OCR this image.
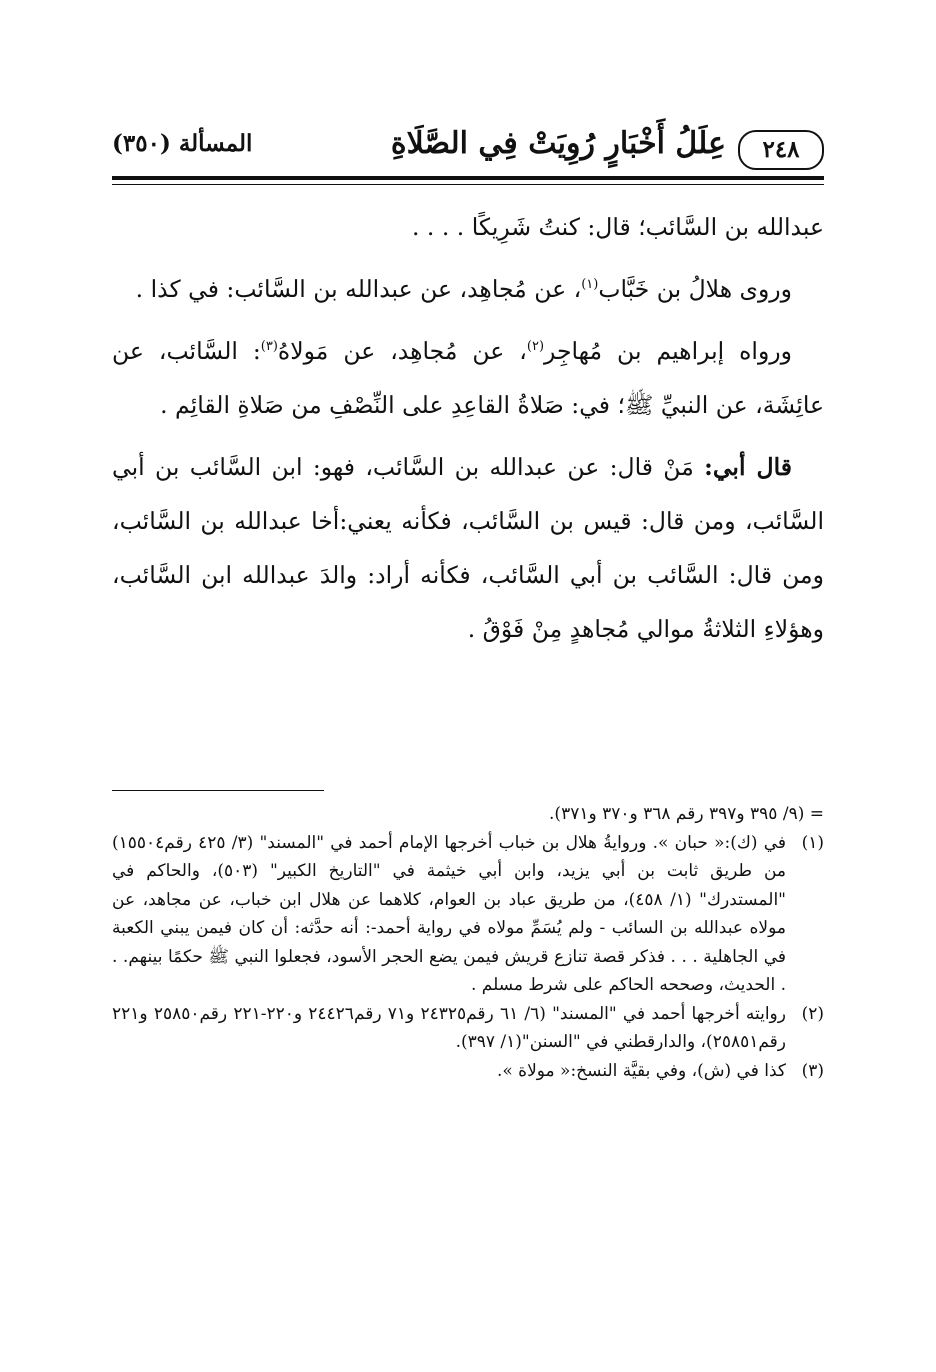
٢٤٨
عِلَلُ أَخْبَارٍ رُوِيَتْ فِي الصَّلَاةِ
المسألة (٣٥٠)

عبدالله بن السَّائب؛ قال: كنتُ شَرِيكًا . . . .

وروى هلالُ بن خَبَّاب$^{(١)}$، عن مُجاهِد، عن عبدالله بن السَّائب: في كذا .

ورواه إبراهيم بن مُهاجِر$^{(٢)}$، عن مُجاهِد، عن مَولاهُ$^{(٣)}$: السَّائب، عن عائِشَة، عن النبيِّ ﷺ؛ في: صَلاةُ القاعِدِ على النِّصْفِ من صَلاةِ القائِم .

قال أبي: مَنْ قال: عن عبدالله بن السَّائب، فهو: ابن السَّائب بن أبي السَّائب، ومن قال: قيس بن السَّائب، فكأنه يعني:أخا عبدالله بن السَّائب، ومن قال: السَّائب بن أبي السَّائب، فكأنه أراد: والدَ عبدالله ابن السَّائب، وهؤلاءِ الثلاثةُ موالي مُجاهدٍ مِنْ فَوْقُ .

= (٩/ ٣٩٥ و٣٩٧ رقم ٣٦٨ و٣٧٠ و٣٧١).

(١)
في (ك):« حبان ». وروايةُ هلال بن خباب أخرجها الإمام أحمد في "المسند" (٣/ ٤٢٥ رقم١٥٥٠٤) من طريق ثابت بن أبي يزيد، وابن أبي خيثمة في "التاريخ الكبير" (٥٠٣)، والحاكم في "المستدرك" (١/ ٤٥٨)، من طريق عباد بن العوام، كلاهما عن هلال ابن خباب، عن مجاهد، عن مولاه عبدالله بن السائب - ولم يُسَمِّ مولاه في رواية أحمد-: أنه حدَّثه: أن كان فيمن يبني الكعبة في الجاهلية . . . فذكر قصة تنازع قريش فيمن يضع الحجر الأسود، فجعلوا النبي ﷺ حكمًا بينهم. . . الحديث، وصححه الحاكم على شرط مسلم .

(٢)
روايته أخرجها أحمد في "المسند" (٦/ ٦١ رقم٢٤٣٢٥ و٧١ رقم٢٤٤٢٦ و٢٢٠-٢٢١ رقم٢٥٨٥٠ و٢٢١ رقم٢٥٨٥١)، والدارقطني في "السنن"(١/ ٣٩٧).

(٣)
كذا في (ش)، وفي بقيَّة النسخ:« مولاة ».
